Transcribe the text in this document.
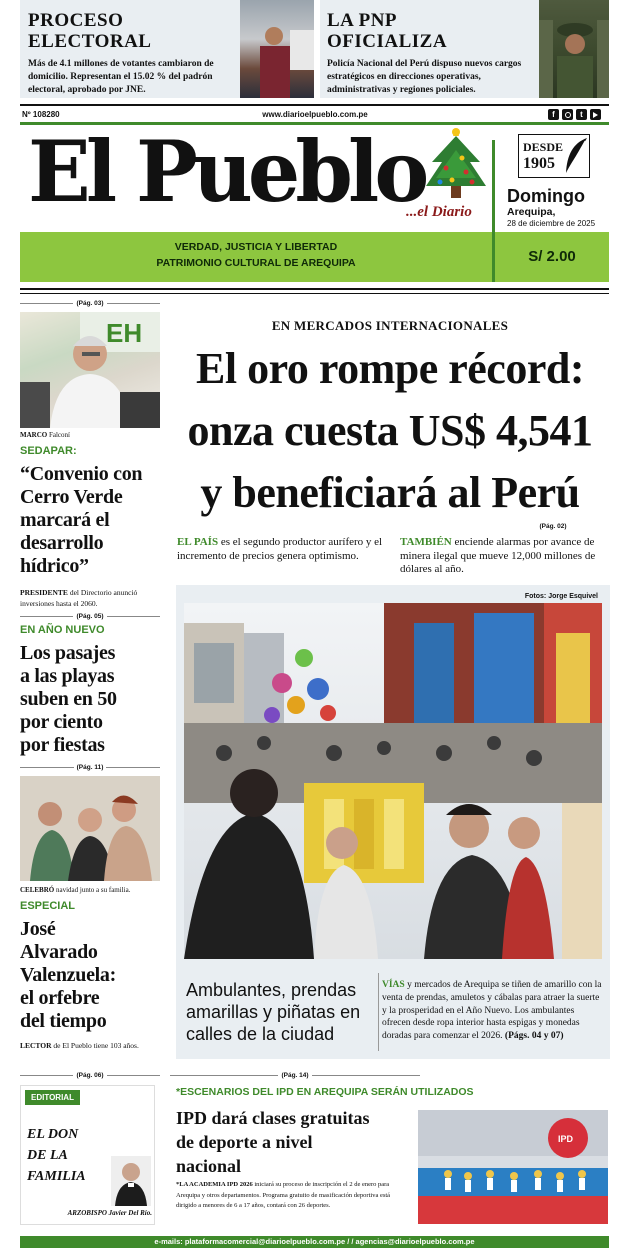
PROCESO
ELECTORAL

Más de 4.1 millones de votantes cambiaron de domicilio. Representan el 15.02 % del padrón electoral, aprobado por JNE.

LA PNP
OFICIALIZA

Policía Nacional del Perú dispuso nuevos cargos estratégicos en direcciones operativas, administrativas y regiones policiales.

Nº 108280	www.diarioelpueblo.com.pe	f	t
El Pueblo
...el Diario
DESDE
1905
Domingo
Arequipa,
28 de diciembre de 2025
VERDAD, JUSTICIA Y LIBERTAD
PATRIMONIO CULTURAL DE AREQUIPA	S/ 2.00
(Pág. 03)
EH
MARCO Falconí
SEDAPAR:
“Convenio con Cerro Verde marcará el desarrollo hídrico”
PRESIDENTE del Directorio anunció inversiones hasta el 2060.
(Pág. 05)
EN AÑO NUEVO
Los pasajes a las playas suben en 50 por ciento por fiestas
(Pág. 11)
CELEBRÓ navidad junto a su familia.
ESPECIAL
José Alvarado Valenzuela: el orfebre del tiempo
LECTOR de El Pueblo tiene 103 años.
EN MERCADOS INTERNACIONALES
El oro rompe récord:
onza cuesta US$ 4,541
y beneficiará al Perú
(Pág. 02)
EL PAÍS es el segundo productor aurífero y el incremento de precios genera optimismo.
TAMBIÉN enciende alarmas por avance de minera ilegal que mueve 12,000 millones de dólares al año.
Fotos: Jorge Esquivel
Ambulantes, prendas amarillas y piñatas en calles de la ciudad
VÍAS y mercados de Arequipa se tiñen de amarillo con la venta de prendas, amuletos y cábalas para atraer la suerte y la prosperidad en el Año Nuevo. Los ambulantes ofrecen desde ropa interior hasta espigas y monedas doradas para comenzar el 2026. (Págs. 04 y 07)
(Pág. 06)
EDITORIAL
EL DON
DE LA
FAMILIA
ARZOBISPO Javier Del Río.
(Pág. 14)
*ESCENARIOS DEL IPD EN AREQUIPA SERÁN UTILIZADOS
IPD dará clases gratuitas de deporte a nivel nacional
*LA ACADEMIA IPD 2026 iniciará su proceso de inscripción el 2 de enero para Arequipa y otros departamentos. Programa gratuito de masificación deportiva está dirigido a menores de 6 a 17 años, contará con 26 deportes.
IPD
e-mails: plataformacomercial@diarioelpueblo.com.pe / / agencias@diarioelpueblo.com.pe
